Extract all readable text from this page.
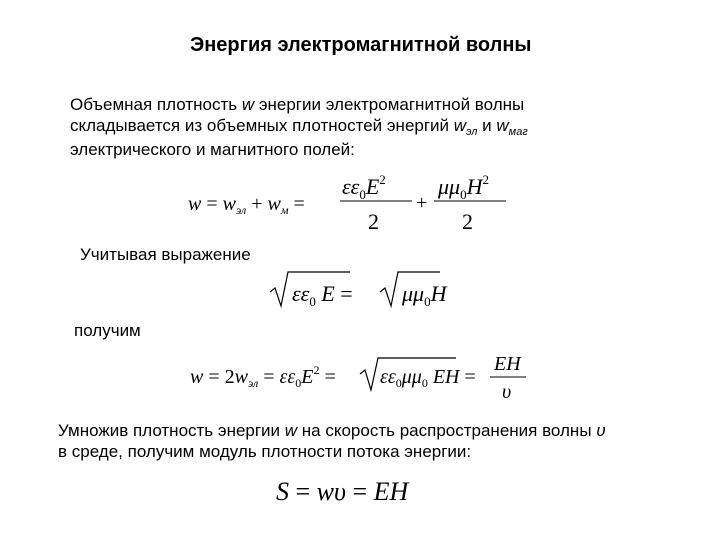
Энергия электромагнитной волны
Объемная плотность w энергии электромагнитной волны
складывается из объемных плотностей энергий $w_{эл}$ и $w_{маг}$
электрического и магнитного полей:
$w = w_{эл} + w_м$ =
$\varepsilon\varepsilon_0E^2$
2
+
$\mu\mu_0H^2$
2
Учитывая выражение
$\varepsilon\varepsilon_0$ $E = \mu\mu_0H$
получим
$w = 2w_{эл} = \varepsilon\varepsilon_0E^2 = \varepsilon\varepsilon_0\mu\mu_0$ EH =
EH
υ
Умножив плотность энергии w на скорость распространения волны υ
в среде, получим модуль плотности потока энергии:
S = wυ = EH
